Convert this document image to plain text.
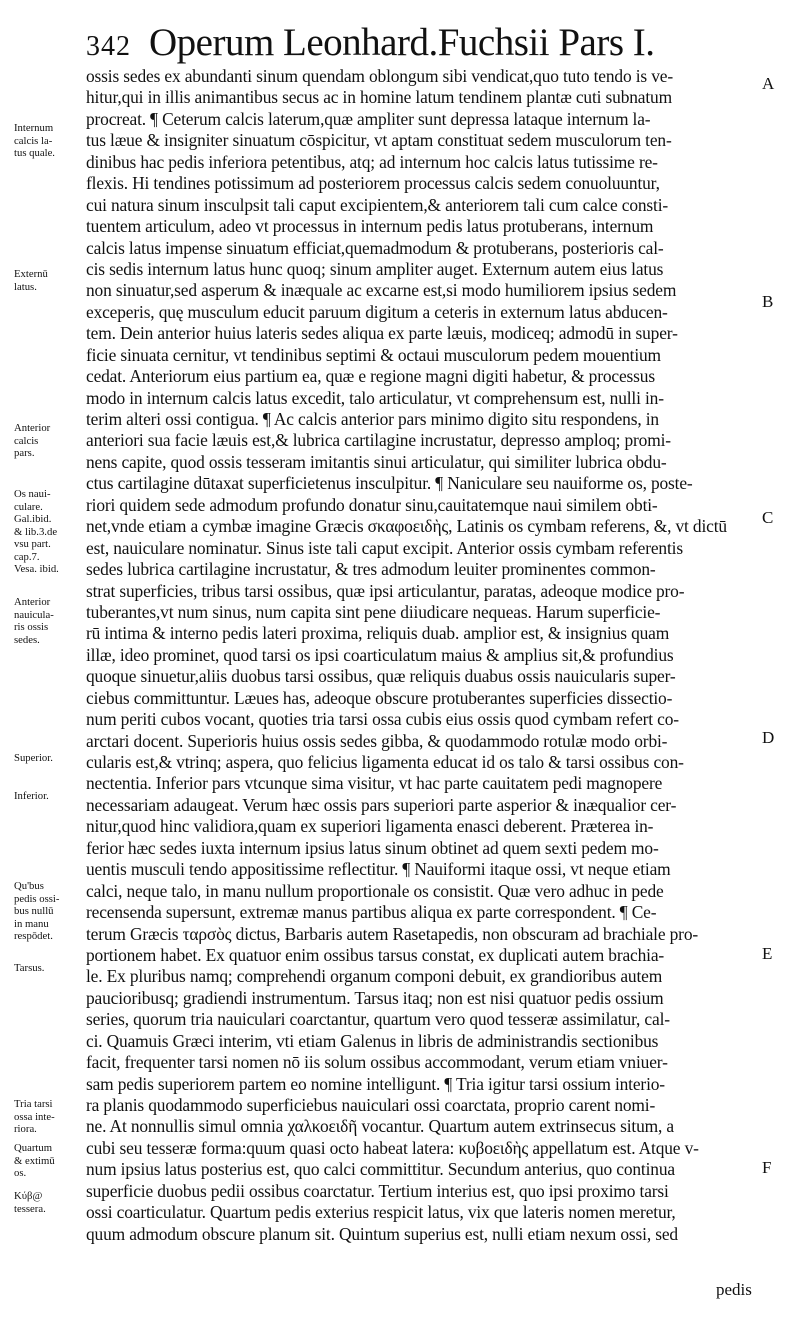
342 Operum Leonhard.Fuchsii Pars I.
ossis sedes ex abundanti sinum quendam oblongum sibi vendicat,quo tuto tendo is ve-
hitur,qui in illis animantibus secus ac in homine latum tendinem plantæ cuti subnatum
procreat. ¶ Ceterum calcis laterum,quæ ampliter sunt depressa lataque internum la-
tus læue & insigniter sinuatum cōspicitur, vt aptam constituat sedem musculorum ten-
dinibus hac pedis inferiora petentibus, atq; ad internum hoc calcis latus tutissime re-
flexis. Hi tendines potissimum ad posteriorem processus calcis sedem conuoluuntur,
cui natura sinum insculpsit tali caput excipientem,& anteriorem tali cum calce consti-
tuentem articulum, adeo vt processus in internum pedis latus protuberans, internum
calcis latus impense sinuatum efficiat,quemadmodum & protuberans, posterioris cal-
cis sedis internum latus hunc quoq; sinum ampliter auget. Externum autem eius latus
non sinuatur,sed asperum & inæquale ac excarne est,si modo humiliorem ipsius sedem
exceperis, quę musculum educit paruum digitum a ceteris in externum latus abducen-
tem. Dein anterior huius lateris sedes aliqua ex parte læuis, modiceq; admodū in super-
ficie sinuata cernitur, vt tendinibus septimi & octaui musculorum pedem mouentium
cedat. Anteriorum eius partium ea, quæ e regione magni digiti habetur, & processus
modo in internum calcis latus excedit, talo articulatur, vt comprehensum est, nulli in-
terim alteri ossi contigua. ¶ Ac calcis anterior pars minimo digito situ respondens, in
anteriori sua facie læuis est,& lubrica cartilagine incrustatur, depresso amploq; promi-
nens capite, quod ossis tesseram imitantis sinui articulatur, qui similiter lubrica obdu-
ctus cartilagine dūtaxat superficietenus insculpitur. ¶ Naniculare seu nauiforme os, poste-
riori quidem sede admodum profundo donatur sinu,cauitatemque naui similem obti-
net,vnde etiam a cymbæ imagine Græcis σκαφοειδὴς, Latinis os cymbam referens, &, vt dictū
est, nauiculare nominatur. Sinus iste tali caput excipit. Anterior ossis cymbam referentis
sedes lubrica cartilagine incrustatur, & tres admodum leuiter prominentes common-
strat superficies, tribus tarsi ossibus, quæ ipsi articulantur, paratas, adeoque modice pro-
tuberantes,vt num sinus, num capita sint pene diiudicare nequeas. Harum superficie-
rū intima & interno pedis lateri proxima, reliquis duab. amplior est, & insignius quam
illæ, ideo prominet, quod tarsi os ipsi coarticulatum maius & amplius sit,& profundius
quoque sinuetur,aliis duobus tarsi ossibus, quæ reliquis duabus ossis nauicularis super-
ciebus committuntur. Læues has, adeoque obscure protuberantes superficies dissectio-
num periti cubos vocant, quoties tria tarsi ossa cubis eius ossis quod cymbam refert co-
arctari docent. Superioris huius ossis sedes gibba, & quodammodo rotulæ modo orbi-
cularis est,& vtrinq; aspera, quo felicius ligamenta educat id os talo & tarsi ossibus con-
nectentia. Inferior pars vtcunque sima visitur, vt hac parte cauitatem pedi magnopere
necessariam adaugeat. Verum hæc ossis pars superiori parte asperior & inæqualior cer-
nitur,quod hinc validiora,quam ex superiori ligamenta enasci deberent. Præterea in-
ferior hæc sedes iuxta internum ipsius latus sinum obtinet ad quem sexti pedem mo-
uentis musculi tendo appositissime reflectitur. ¶ Nauiformi itaque ossi, vt neque etiam
calci, neque talo, in manu nullum proportionale os consistit. Quæ vero adhuc in pede
recensenda supersunt, extremæ manus partibus aliqua ex parte correspondent. ¶ Ce-
terum Græcis ταρσὸς dictus, Barbaris autem Rasetapedis, non obscuram ad brachiale pro-
portionem habet. Ex quatuor enim ossibus tarsus constat, ex duplicati autem brachia-
le. Ex pluribus namq; comprehendi organum componi debuit, ex grandioribus autem
paucioribusq; gradiendi instrumentum. Tarsus itaq; non est nisi quatuor pedis ossium
series, quorum tria nauiculari coarctantur, quartum vero quod tesseræ assimilatur, cal-
ci. Quamuis Græci interim, vti etiam Galenus in libris de administrandis sectionibus
facit, frequenter tarsi nomen nō iis solum ossibus accommodant, verum etiam vniuer-
sam pedis superiorem partem eo nomine intelligunt. ¶ Tria igitur tarsi ossium interio-
ra planis quodammodo superficiebus nauiculari ossi coarctata, proprio carent nomi-
ne. At nonnullis simul omnia χαλκοειδῆ vocantur. Quartum autem extrinsecus situm, a
cubi seu tesseræ forma:quum quasi octo habeat latera: κυβοειδὴς appellatum est. Atque v-
num ipsius latus posterius est, quo calci committitur. Secundum anterius, quo continua
superficie duobus pedii ossibus coarctatur. Tertium interius est, quo ipsi proximo tarsi
ossi coarticulatur. Quartum pedis exterius respicit latus, vix que lateris nomen meretur,
quum admodum obscure planum sit. Quintum superius est, nulli etiam nexum ossi, sed
Internum
calcis la-
tus quale.
Externū
latus.
Anterior
calcis
pars.
Os naui-
culare.
Gal.ibid.
& lib.3.de
vsu part.
cap.7.
Vesa. ibid.
Anterior
nauicula-
ris ossis
sedes.
Superior.
Inferior.
Qu'bus
pedis ossi-
bus nullū
in manu
respōdet.
Tarsus.
Tria tarsi
ossa inte-
riora.
Quartum
& extimū
os.
Κύβ@
tessera.
A
B
C
D
E
F
pedis
